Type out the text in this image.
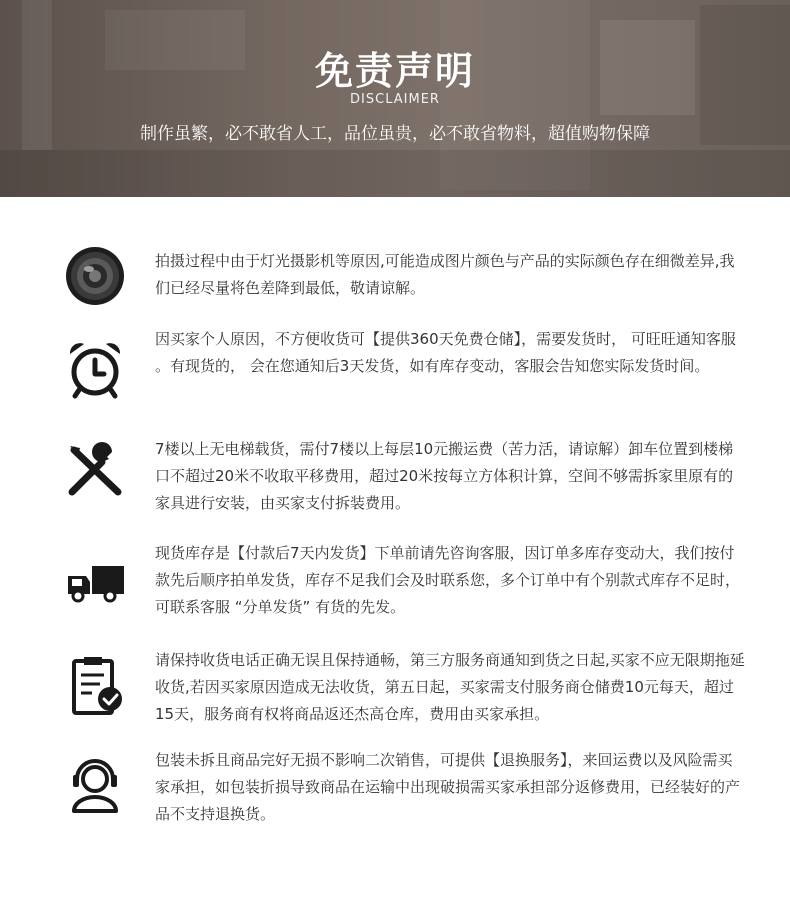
免责声明
DISCLAIMER
制作虽繁，必不敢省人工，品位虽贵，必不敢省物料，超值购物保障
拍摄过程中由于灯光摄影机等原因,可能造成图片颜色与产品的实际颜色存在细微差异,我们已经尽量将色差降到最低，敬请谅解。
因买家个人原因，不方便收货可【提供360天免费仓储】，需要发货时， 可旺旺通知客服 。有现货的， 会在您通知后3天发货，如有库存变动，客服会告知您实际发货时间。
7楼以上无电梯载货，需付7楼以上每层10元搬运费（苦力活，请谅解）卸车位置到楼梯口不超过20米不收取平移费用，超过20米按每立方体积计算，空间不够需拆家里原有的家具进行安装，由买家支付拆装费用。
现货库存是【付款后7天内发货】下单前请先咨询客服，因订单多库存变动大，我们按付款先后顺序拍单发货，库存不足我们会及时联系您，多个订单中有个别款式库存不足时，可联系客服 “分单发货” 有货的先发。
请保持收货电话正确无误且保持通畅，第三方服务商通知到货之日起,买家不应无限期拖延收货,若因买家原因造成无法收货，第五日起，买家需支付服务商仓储费10元每天，超过15天，服务商有权将商品返还杰高仓库，费用由买家承担。
包装未拆且商品完好无损不影响二次销售，可提供【退换服务】，来回运费以及风险需买家承担，如包装折损导致商品在运输中出现破损需买家承担部分返修费用，已经装好的产品不支持退换货。
